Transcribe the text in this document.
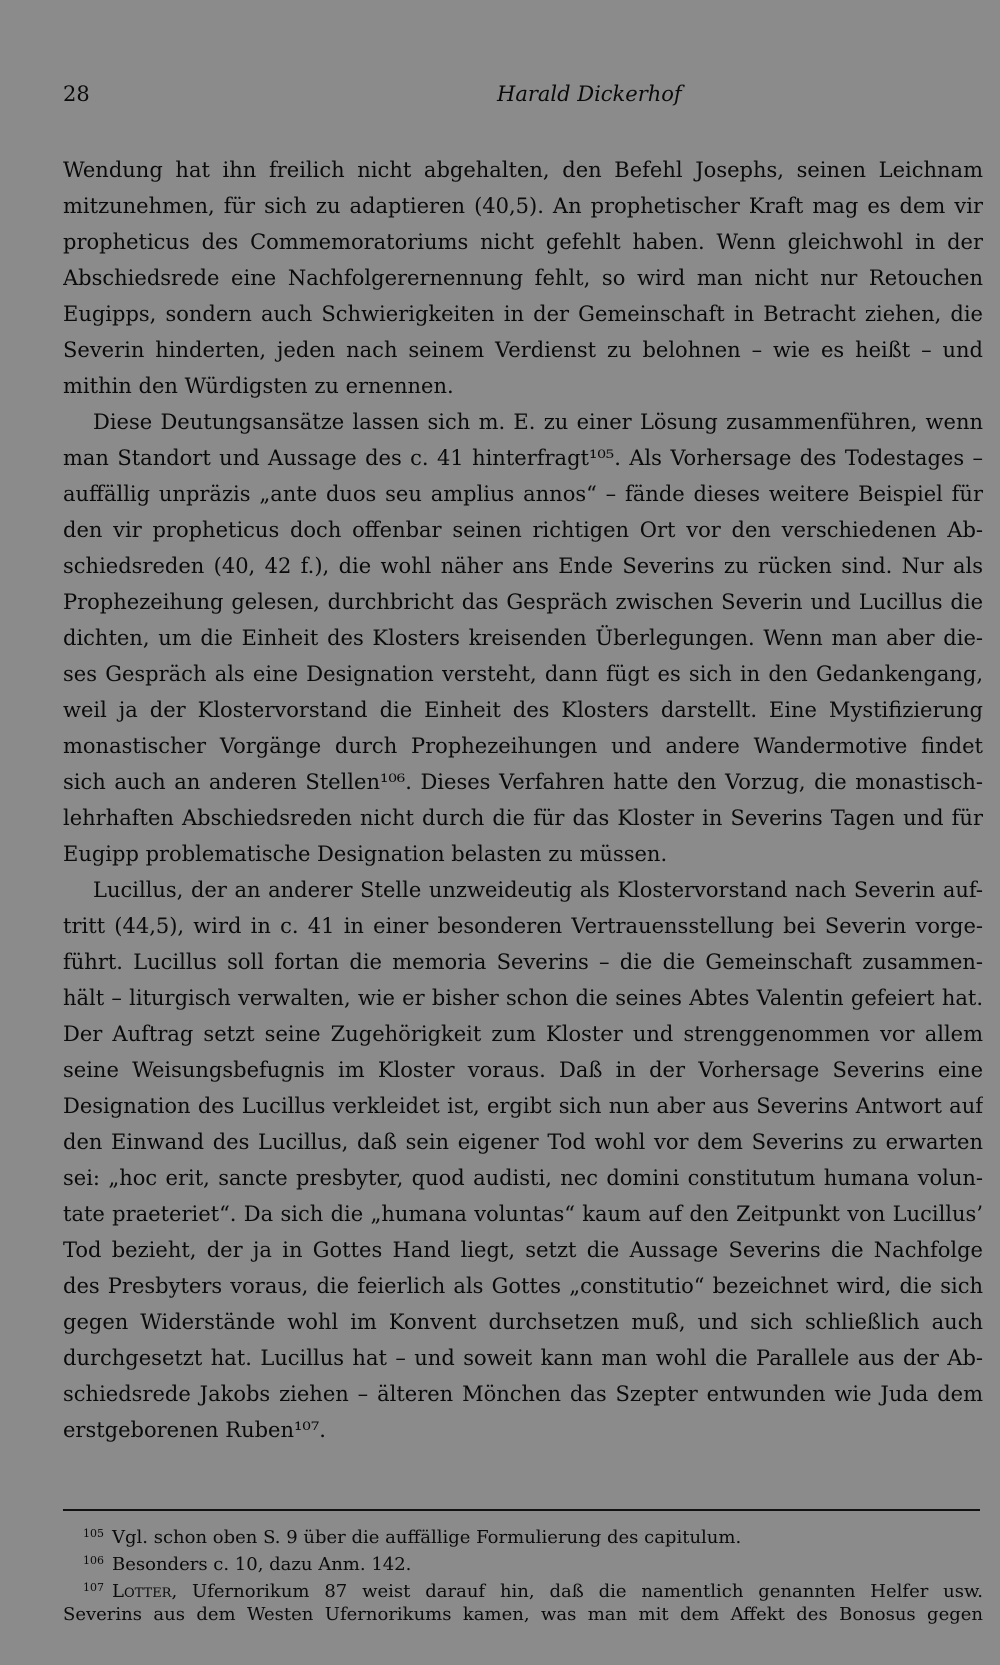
28	Harald Dickerhof
Wendung hat ihn freilich nicht abgehalten, den Befehl Josephs, seinen Leichnam
mitzunehmen, für sich zu adaptieren (40,5). An prophetischer Kraft mag es dem vir
propheticus des Commemoratoriums nicht gefehlt haben. Wenn gleichwohl in der
Abschiedsrede eine Nachfolgerernennung fehlt, so wird man nicht nur Retouchen
Eugipps, sondern auch Schwierigkeiten in der Gemeinschaft in Betracht ziehen, die
Severin hinderten, jeden nach seinem Verdienst zu belohnen – wie es heißt – und
mithin den Würdigsten zu ernennen.
Diese Deutungsansätze lassen sich m. E. zu einer Lösung zusammenführen, wenn
man Standort und Aussage des c. 41 hinterfragt¹⁰⁵. Als Vorhersage des Todestages –
auffällig unpräzis „ante duos seu amplius annos“ – fände dieses weitere Beispiel für
den vir propheticus doch offenbar seinen richtigen Ort vor den verschiedenen Ab-
schiedsreden (40, 42 f.), die wohl näher ans Ende Severins zu rücken sind. Nur als
Prophezeihung gelesen, durchbricht das Gespräch zwischen Severin und Lucillus die
dichten, um die Einheit des Klosters kreisenden Überlegungen. Wenn man aber die-
ses Gespräch als eine Designation versteht, dann fügt es sich in den Gedankengang,
weil ja der Klostervorstand die Einheit des Klosters darstellt. Eine Mystifizierung
monastischer Vorgänge durch Prophezeihungen und andere Wandermotive findet
sich auch an anderen Stellen¹⁰⁶. Dieses Verfahren hatte den Vorzug, die monastisch-
lehrhaften Abschiedsreden nicht durch die für das Kloster in Severins Tagen und für
Eugipp problematische Designation belasten zu müssen.
Lucillus, der an anderer Stelle unzweideutig als Klostervorstand nach Severin auf-
tritt (44,5), wird in c. 41 in einer besonderen Vertrauensstellung bei Severin vorge-
führt. Lucillus soll fortan die memoria Severins – die die Gemeinschaft zusammen-
hält – liturgisch verwalten, wie er bisher schon die seines Abtes Valentin gefeiert hat.
Der Auftrag setzt seine Zugehörigkeit zum Kloster und strenggenommen vor allem
seine Weisungsbefugnis im Kloster voraus. Daß in der Vorhersage Severins eine
Designation des Lucillus verkleidet ist, ergibt sich nun aber aus Severins Antwort auf
den Einwand des Lucillus, daß sein eigener Tod wohl vor dem Severins zu erwarten
sei: „hoc erit, sancte presbyter, quod audisti, nec domini constitutum humana volun-
tate praeteriet“. Da sich die „humana voluntas“ kaum auf den Zeitpunkt von Lucillus’
Tod bezieht, der ja in Gottes Hand liegt, setzt die Aussage Severins die Nachfolge
des Presbyters voraus, die feierlich als Gottes „constitutio“ bezeichnet wird, die sich
gegen Widerstände wohl im Konvent durchsetzen muß, und sich schließlich auch
durchgesetzt hat. Lucillus hat – und soweit kann man wohl die Parallele aus der Ab-
schiedsrede Jakobs ziehen – älteren Mönchen das Szepter entwunden wie Juda dem
erstgeborenen Ruben¹⁰⁷.
$^{105}$ Vgl. schon oben S. 9 über die auffällige Formulierung des capitulum.
$^{106}$ Besonders c. 10, dazu Anm. 142.
$^{107}$ Lotter, Ufernorikum 87 weist darauf hin, daß die namentlich genannten Helfer usw.
Severins aus dem Westen Ufernorikums kamen, was man mit dem Affekt des Bonosus gegen
